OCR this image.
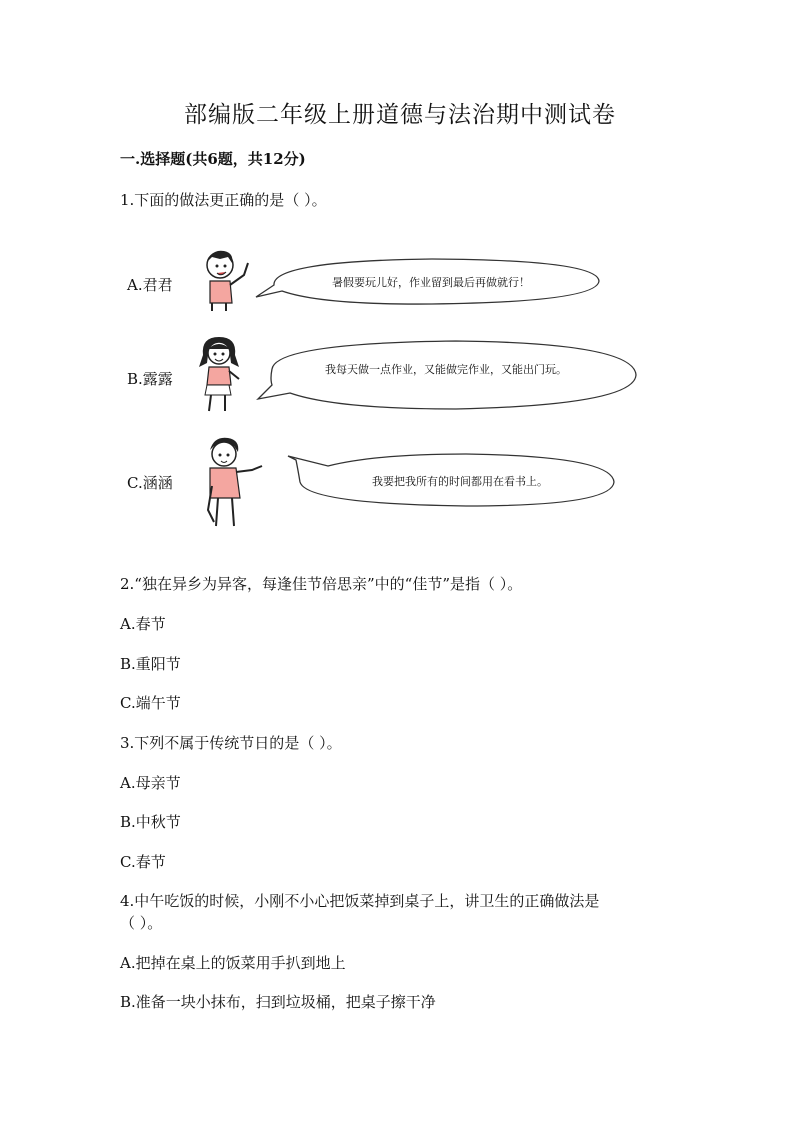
部编版二年级上册道德与法治期中测试卷
一.选择题(共6题，共12分)
1.下面的做法更正确的是（ ）。
A.君君	暑假要玩儿好，作业留到最后再做就行！
B.露露
我每天做一点作业，又能做完作业，又能出门玩。
C.涵涵	我要把我所有的时间都用在看书上。
2.“独在异乡为异客，每逢佳节倍思亲”中的“佳节”是指（ ）。
A.春节
B.重阳节
C.端午节
3.下列不属于传统节日的是（ ）。
A.母亲节
B.中秋节
C.春节
4.中午吃饭的时候，小刚不小心把饭菜掉到桌子上，讲卫生的正确做法是
（ ）。
A.把掉在桌上的饭菜用手扒到地上
B.准备一块小抹布，扫到垃圾桶，把桌子擦干净
